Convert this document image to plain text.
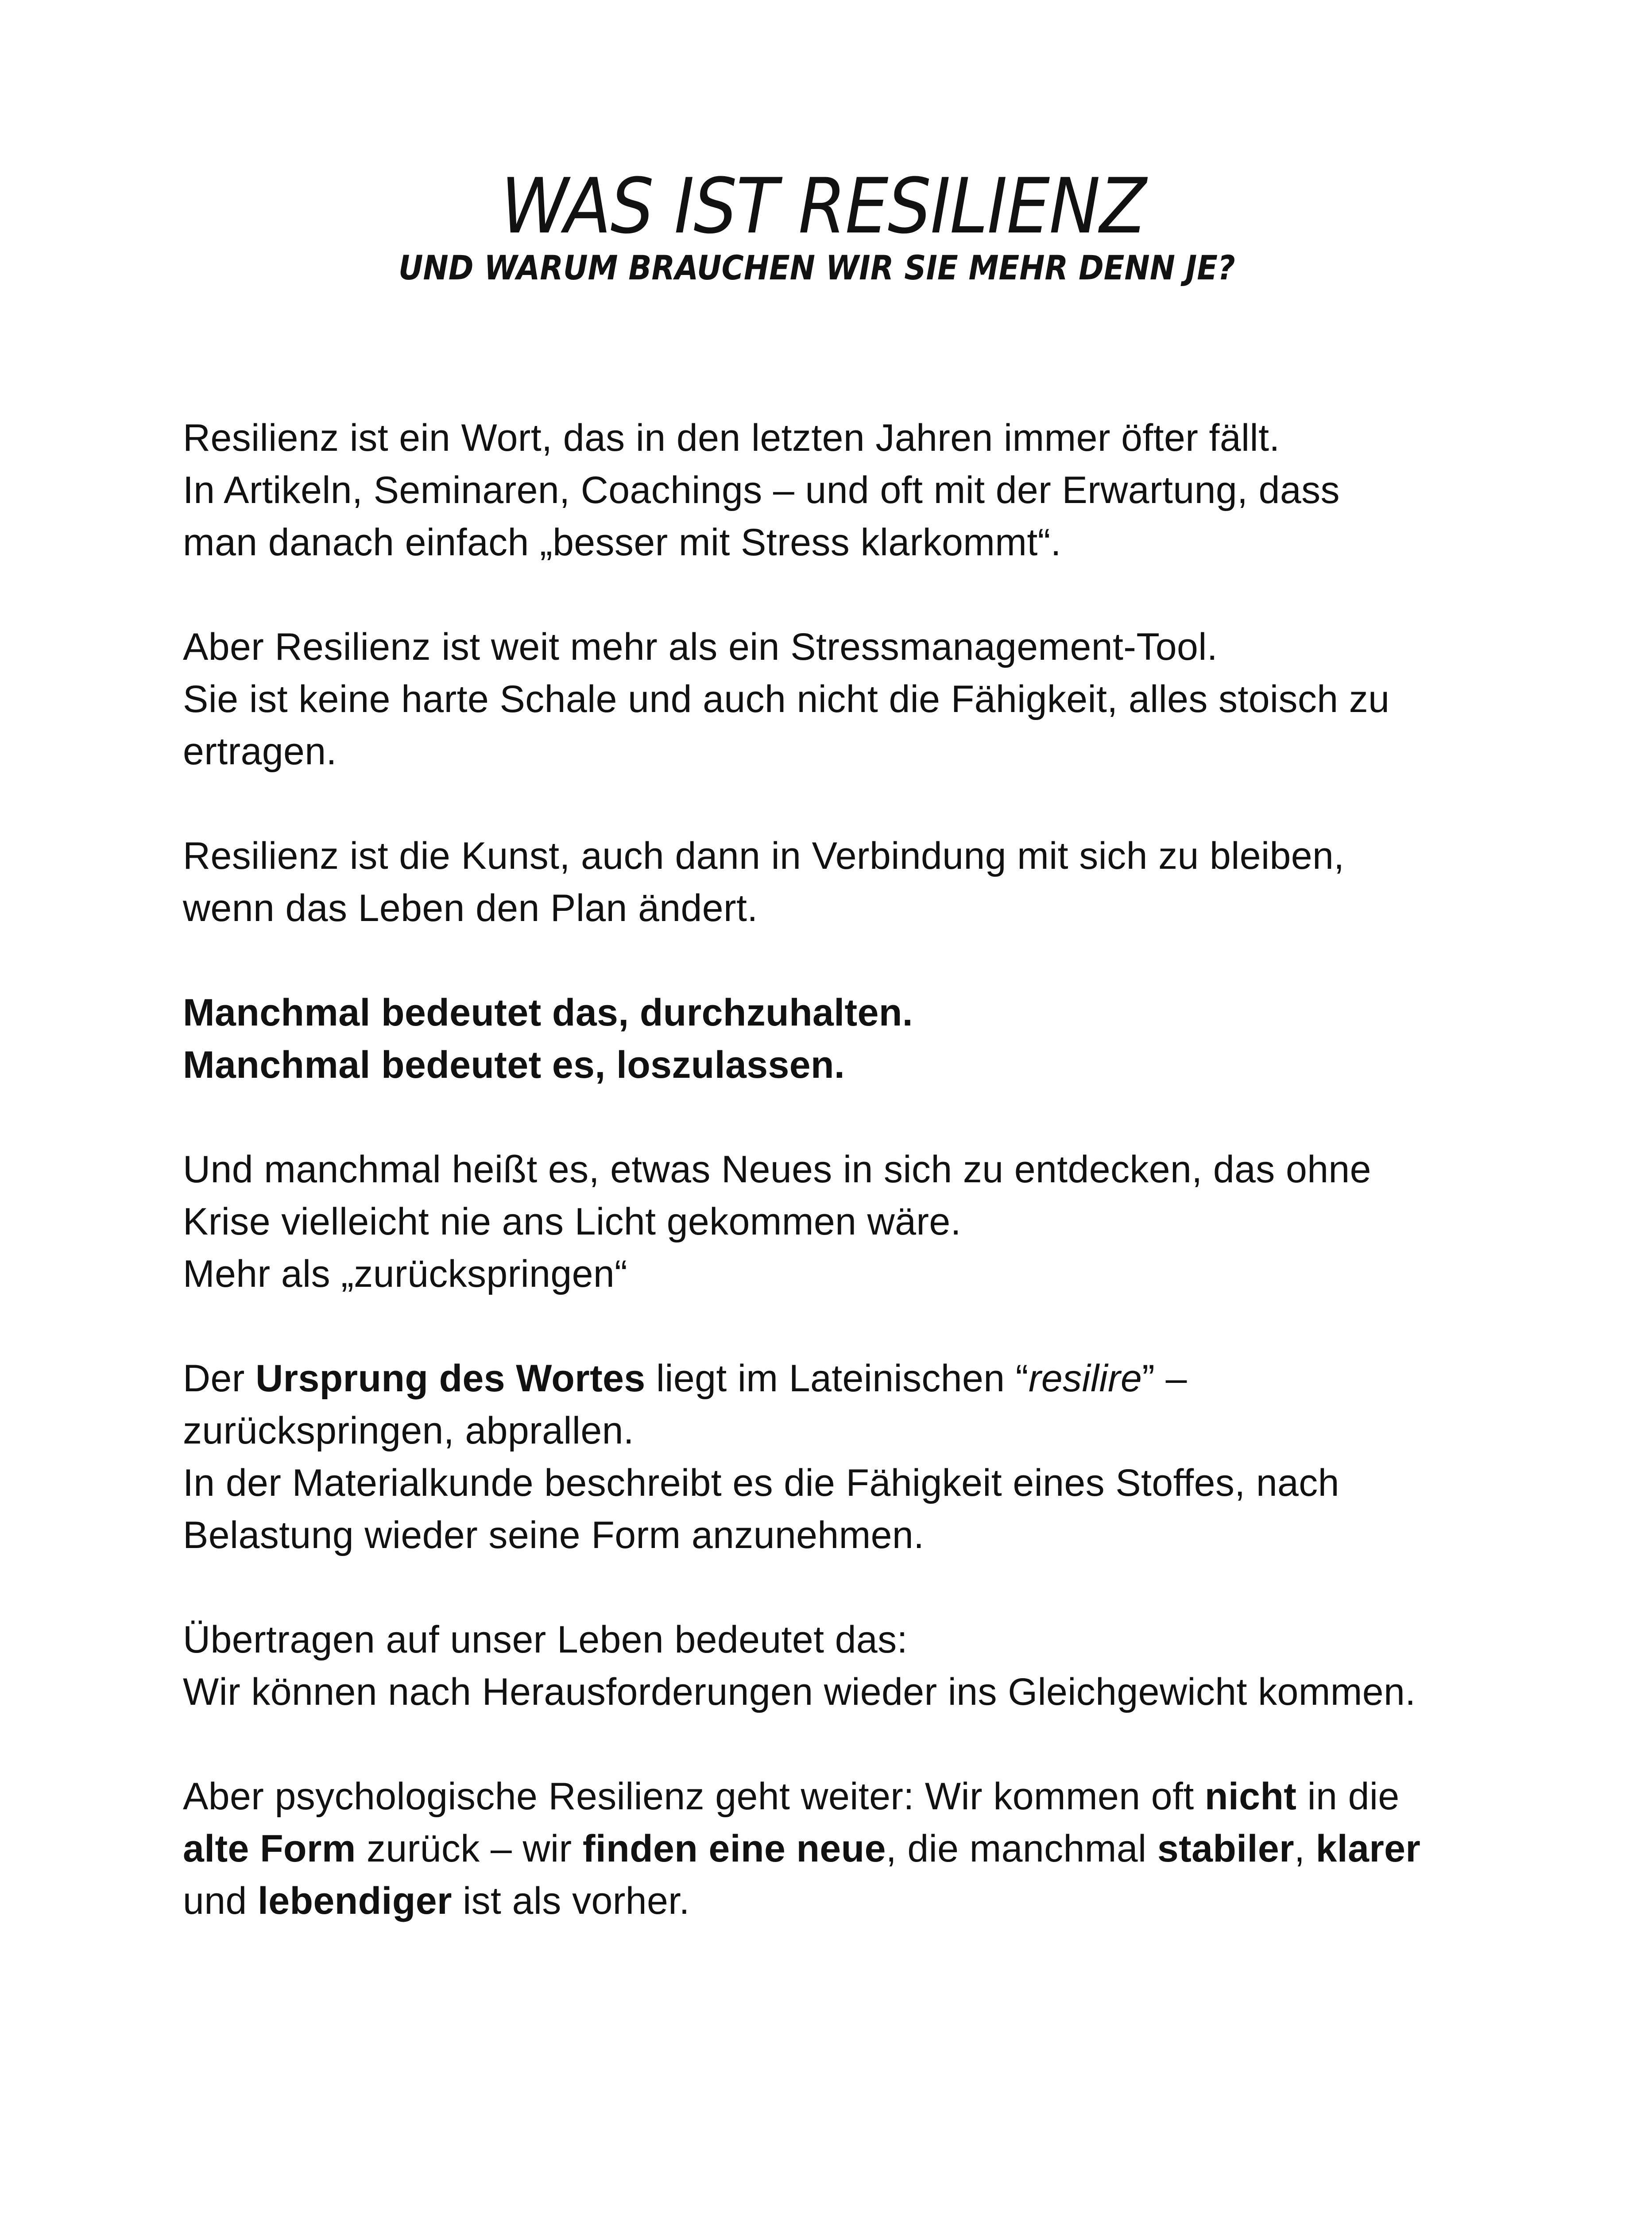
WAS IST RESILIENZ
UND WARUM BRAUCHEN WIR SIE MEHR DENN JE?

Resilienz ist ein Wort, das in den letzten Jahren immer öfter fällt.
In Artikeln, Seminaren, Coachings – und oft mit der Erwartung, dass
man danach einfach „besser mit Stress klarkommt“.

Aber Resilienz ist weit mehr als ein Stressmanagement-Tool.
Sie ist keine harte Schale und auch nicht die Fähigkeit, alles stoisch zu
ertragen.

Resilienz ist die Kunst, auch dann in Verbindung mit sich zu bleiben,
wenn das Leben den Plan ändert.

Manchmal bedeutet das, durchzuhalten.
Manchmal bedeutet es, loszulassen.

Und manchmal heißt es, etwas Neues in sich zu entdecken, das ohne
Krise vielleicht nie ans Licht gekommen wäre.
Mehr als „zurückspringen“

Der Ursprung des Wortes liegt im Lateinischen “resilire” –
zurückspringen, abprallen.
In der Materialkunde beschreibt es die Fähigkeit eines Stoffes, nach
Belastung wieder seine Form anzunehmen.

Übertragen auf unser Leben bedeutet das:
Wir können nach Herausforderungen wieder ins Gleichgewicht kommen.

Aber psychologische Resilienz geht weiter: Wir kommen oft nicht in die
alte Form zurück – wir finden eine neue, die manchmal stabiler, klarer
und lebendiger ist als vorher.
